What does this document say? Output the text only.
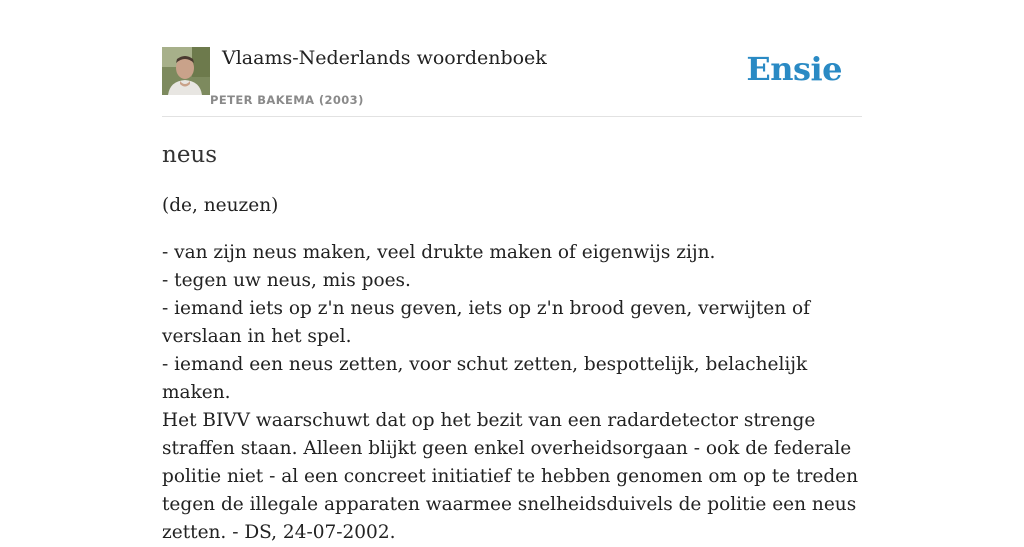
Vlaams-Nederlands woordenboek
PETER BAKEMA (2003)
Ensie
neus
(de, neuzen)
- van zijn neus maken, veel drukte maken of eigenwijs zijn.
- tegen uw neus, mis poes.
- iemand iets op z'n neus geven, iets op z'n brood geven, verwijten of verslaan in het spel.
- iemand een neus zetten, voor schut zetten, bespottelijk, belachelijk maken.
Het BIVV waarschuwt dat op het bezit van een radardetector strenge straffen staan. Alleen blijkt geen enkel overheidsorgaan - ook de federale politie niet - al een concreet initiatief te hebben genomen om op te treden tegen de illegale apparaten waarmee snelheidsduivels de politie een neus zetten. - DS, 24-07-2002.
